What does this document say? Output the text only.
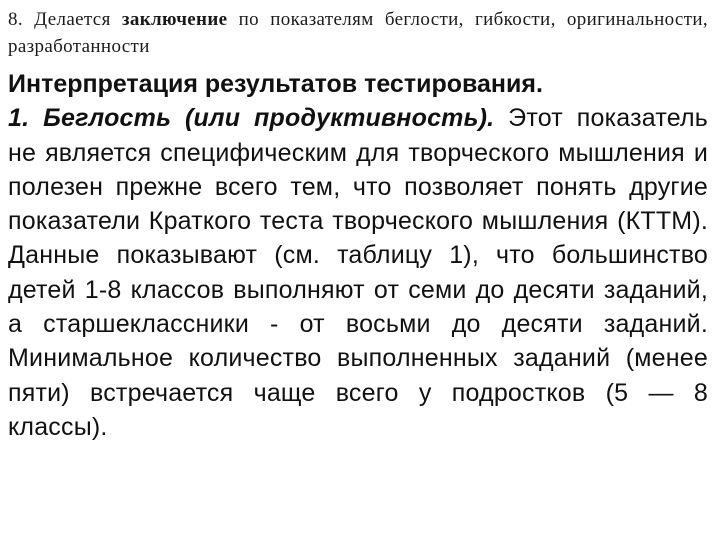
8. Делается заключение по показателям беглости, гибкости, оригинальности, разработанности

Интерпретация результатов тестирования.

1. Беглость (или продуктивность). Этот показатель не является специфическим для творческого мышления и полезен прежне всего тем, что позволяет понять другие показатели Краткого теста творческого мышления (КТТМ). Данные показывают (см. таблицу 1), что большинство детей 1-8 классов выполняют от семи до десяти заданий, а старшеклассники - от восьми до десяти заданий. Минимальное количество выполненных заданий (менее пяти) встречается чаще всего у подростков (5 — 8 классы).
